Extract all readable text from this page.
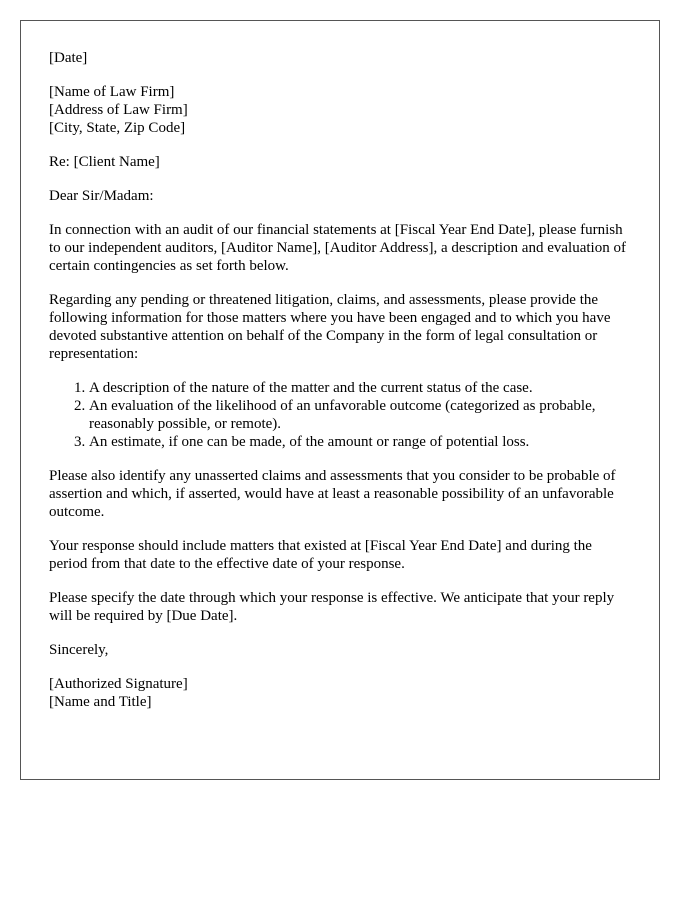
[Date]

[Name of Law Firm]
[Address of Law Firm]
[City, State, Zip Code]

Re: [Client Name]

Dear Sir/Madam:

In connection with an audit of our financial statements at [Fiscal Year End Date], please furnish to our independent auditors, [Auditor Name], [Auditor Address], a description and evaluation of certain contingencies as set forth below.

Regarding any pending or threatened litigation, claims, and assessments, please provide the following information for those matters where you have been engaged and to which you have devoted substantive attention on behalf of the Company in the form of legal consultation or representation:

1. A description of the nature of the matter and the current status of the case.
2. An evaluation of the likelihood of an unfavorable outcome (categorized as probable, reasonably possible, or remote).
3. An estimate, if one can be made, of the amount or range of potential loss.

Please also identify any unasserted claims and assessments that you consider to be probable of assertion and which, if asserted, would have at least a reasonable possibility of an unfavorable outcome.

Your response should include matters that existed at [Fiscal Year End Date] and during the period from that date to the effective date of your response.

Please specify the date through which your response is effective. We anticipate that your reply will be required by [Due Date].

Sincerely,

[Authorized Signature]
[Name and Title]
